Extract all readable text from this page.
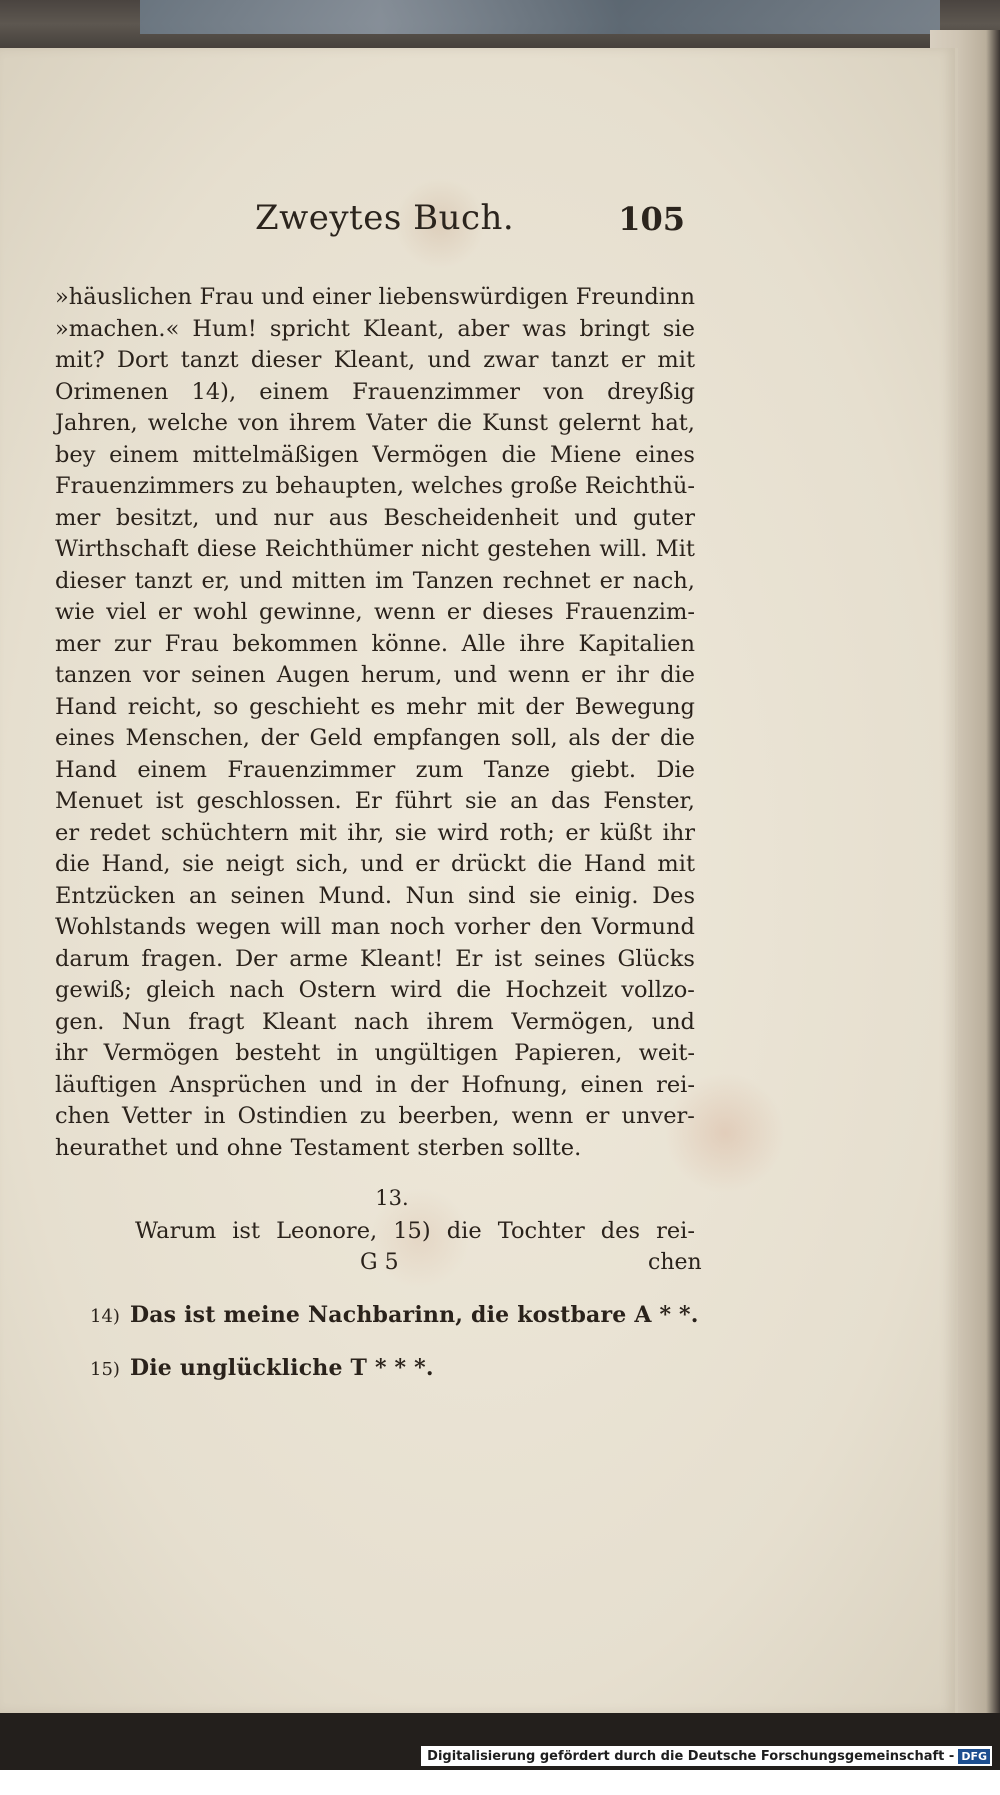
Zweytes Buch.	105
»häuslichen Frau und einer liebenswürdigen Freundinn
»machen.« Hum! spricht Kleant, aber was bringt sie
mit? Dort tanzt dieser Kleant, und zwar tanzt er mit
Orimenen 14), einem Frauenzimmer von dreyßig
Jahren, welche von ihrem Vater die Kunst gelernt hat,
bey einem mittelmäßigen Vermögen die Miene eines
Frauenzimmers zu behaupten, welches große Reichthü-
mer besitzt, und nur aus Bescheidenheit und guter
Wirthschaft diese Reichthümer nicht gestehen will. Mit
dieser tanzt er, und mitten im Tanzen rechnet er nach,
wie viel er wohl gewinne, wenn er dieses Frauenzim-
mer zur Frau bekommen könne. Alle ihre Kapitalien
tanzen vor seinen Augen herum, und wenn er ihr die
Hand reicht, so geschieht es mehr mit der Bewegung
eines Menschen, der Geld empfangen soll, als der die
Hand einem Frauenzimmer zum Tanze giebt. Die
Menuet ist geschlossen. Er führt sie an das Fenster,
er redet schüchtern mit ihr, sie wird roth; er küßt ihr
die Hand, sie neigt sich, und er drückt die Hand mit
Entzücken an seinen Mund. Nun sind sie einig. Des
Wohlstands wegen will man noch vorher den Vormund
darum fragen. Der arme Kleant! Er ist seines Glücks
gewiß; gleich nach Ostern wird die Hochzeit vollzo-
gen. Nun fragt Kleant nach ihrem Vermögen, und
ihr Vermögen besteht in ungültigen Papieren, weit-
läuftigen Ansprüchen und in der Hofnung, einen rei-
chen Vetter in Ostindien zu beerben, wenn er unver-
heurathet und ohne Testament sterben sollte.
13.
Warum ist Leonore, 15) die Tochter des rei-
G 5	chen
14) Das ist meine Nachbarinn, die kostbare A * *.
15) Die unglückliche T * * *.
Digitalisierung gefördert durch die Deutsche Forschungsgemeinschaft - DFG
